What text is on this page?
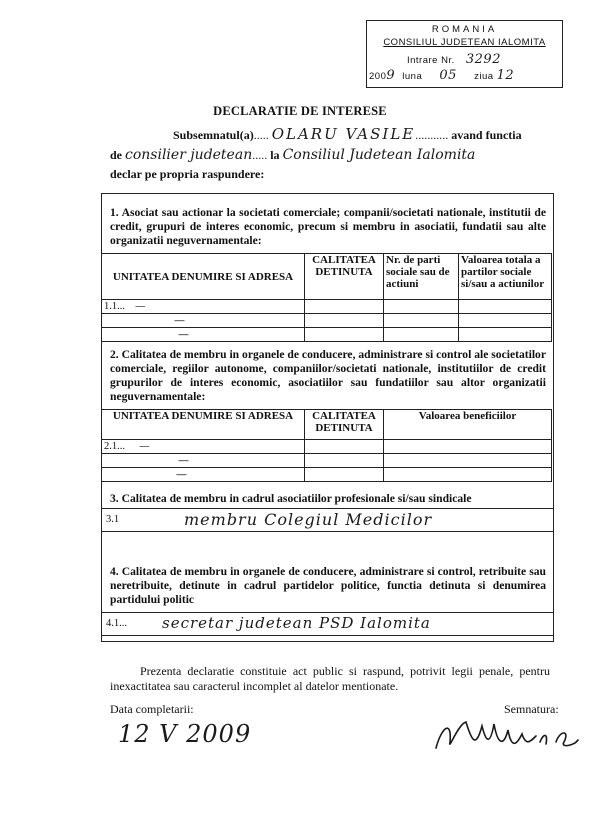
ROMANIA
CONSILIUL JUDETEAN IALOMITA
Intrare Nr. 3292
2009 luna 05 ziua 12
DECLARATIE DE INTERESE
Subsemnatul(a)..... OLARU VASILE........... avand functia
de consilier judetean..... la Consiliul Judetean Ialomita
declar pe propria raspundere:
1. Asociat sau actionar la societati comerciale; companii/societati nationale, institutii de credit, grupuri de interes economic, precum si membru in asociatii, fundatii sau alte organizatii neguvernamentale:
UNITATEA DENUMIRE SI ADRESA	CALITATEA DETINUTA	Nr. de parti sociale sau de actiuni	Valoarea totala a partilor sociale si/sau a actiunilor
1.1... —			
—			
—			
2. Calitatea de membru in organele de conducere, administrare si control ale societatilor comerciale, regiilor autonome, companiilor/societati nationale, institutiilor de credit grupurilor de interes economic, asociatiilor sau fundatiilor sau altor organizatii neguvernamentale:
UNITATEA DENUMIRE SI ADRESA	CALITATEA DETINUTA	Valoarea beneficiilor
2.1... —		
—		
—		
3. Calitatea de membru in cadrul asociatiilor profesionale si/sau sindicale
3.1	membru Colegiul Medicilor
4. Calitatea de membru in organele de conducere, administrare si control, retribuite sau neretribuite, detinute in cadrul partidelor politice, functia detinuta si denumirea partidului politic
4.1... secretar judetean PSD Ialomita
Prezenta declaratie constituie act public si raspund, potrivit legii penale, pentru inexactitatea sau caracterul incomplet al datelor mentionate.
Data completarii:
12 V 2009
Semnatura:
